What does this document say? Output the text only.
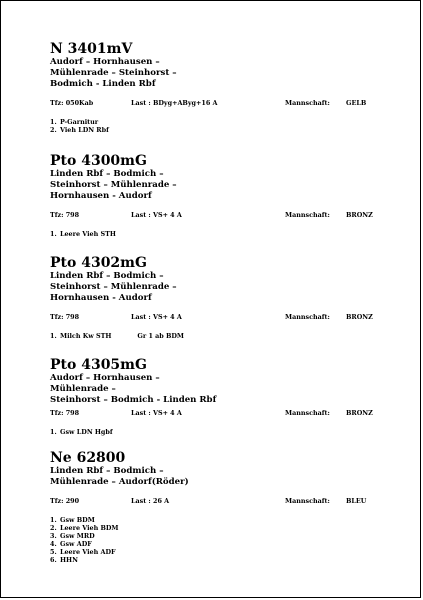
N 3401mV
Audorf – Hornhausen –
Mühlenrade – Steinhorst –
Bodmich - Linden Rbf
Tfz: 050Kab	Last : BDyg+AByg+16 A	Mannschaft:	GELB
1. P-Garnitur
2. Vieh LDN Rbf
Pto 4300mG
Linden Rbf – Bodmich –
Steinhorst – Mühlenrade –
Hornhausen - Audorf
Tfz: 798	Last : VS+ 4 A	Mannschaft:	BRONZ
1. Leere Vieh STH
Pto 4302mG
Linden Rbf – Bodmich –
Steinhorst – Mühlenrade –
Hornhausen - Audorf
Tfz: 798	Last : VS+ 4 A	Mannschaft:	BRONZ
1. Milch Kw STH	Gr 1 ab BDM
Pto 4305mG
Audorf – Hornhausen –
Mühlenrade –
Steinhorst – Bodmich - Linden Rbf
Tfz: 798	Last : VS+ 4 A	Mannschaft:	BRONZ
1. Gsw LDN Hgbf
Ne 62800
Linden Rbf – Bodmich –
Mühlenrade – Audorf(Röder)
Tfz: 290	Last : 26 A	Mannschaft:	BLEU
1. Gsw BDM
2. Leere Vieh BDM
3. Gsw MRD
4. Gsw ADF
5. Leere Vieh ADF
6. HHN
